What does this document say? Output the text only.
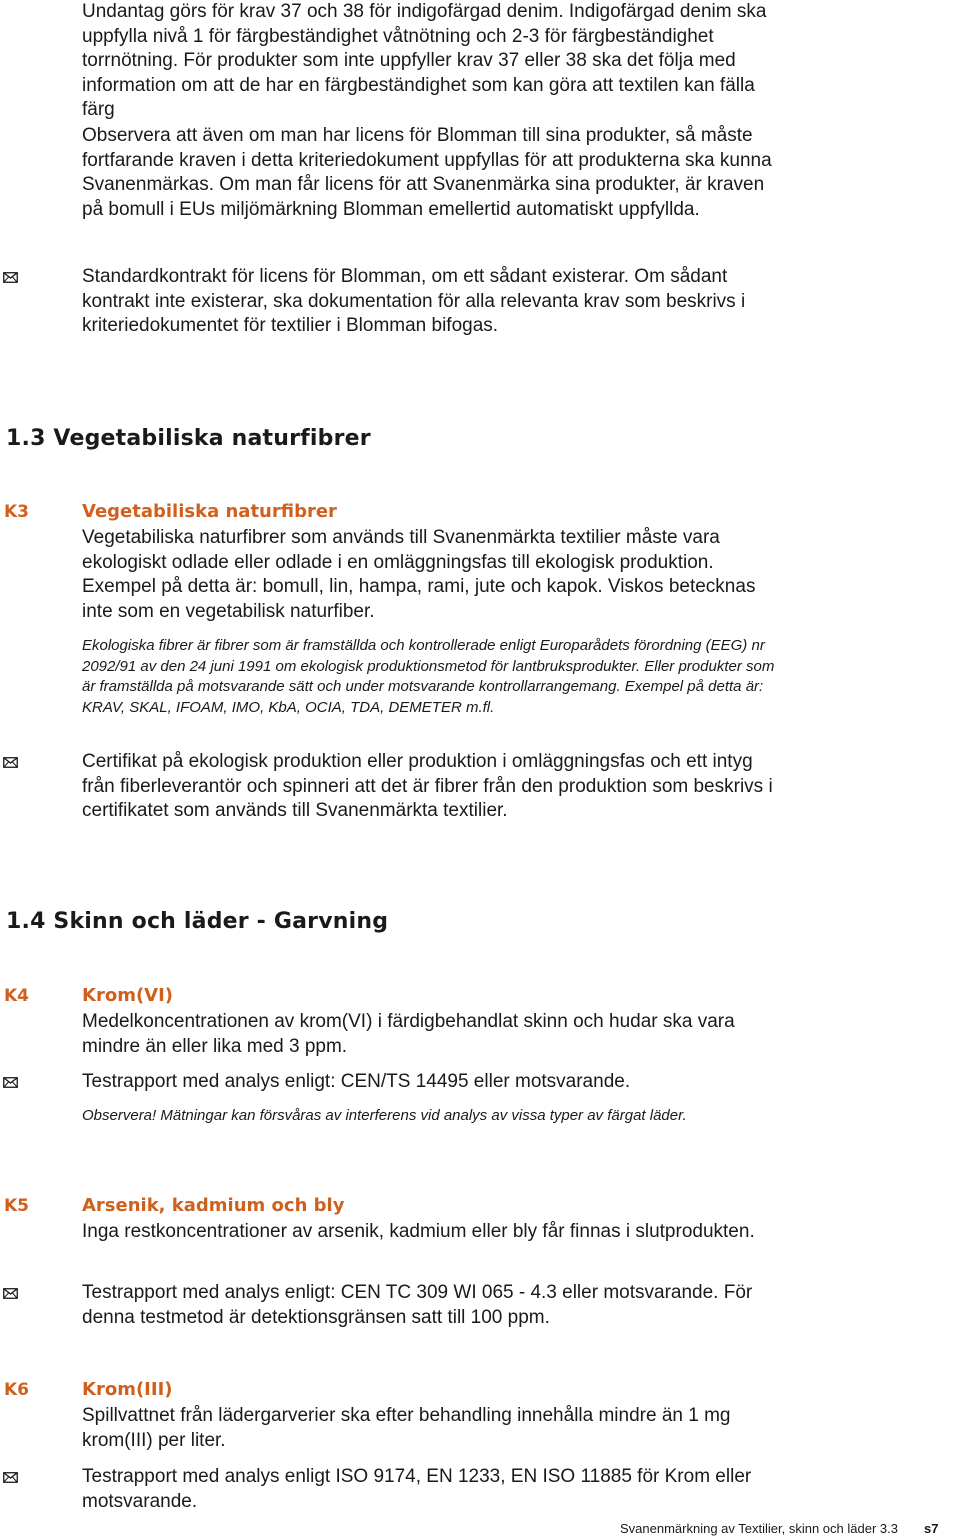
Undantag görs för krav 37 och 38 för indigofärgad denim. Indigofärgad denim ska uppfylla nivå 1 för färgbeständighet våtnötning och 2-3 för färgbeständighet torrnötning. För produkter som inte uppfyller krav 37 eller 38 ska det följa med information om att de har en färgbeständighet som kan göra att textilen kan fälla färg

Observera att även om man har licens för Blomman till sina produkter, så måste fortfarande kraven i detta kriteriedokument uppfyllas för att produkterna ska kunna Svanenmärkas. Om man får licens för att Svanenmärka sina produkter, är kraven på bomull i EUs miljömärkning Blomman emellertid automatiskt uppfyllda.

Standardkontrakt för licens för Blomman, om ett sådant existerar. Om sådant kontrakt inte existerar, ska dokumentation för alla relevanta krav som beskrivs i kriteriedokumentet för textilier i Blomman bifogas.

1.3 Vegetabiliska naturfibrer

K3	Vegetabiliska naturfibrer

Vegetabiliska naturfibrer som används till Svanenmärkta textilier måste vara ekologiskt odlade eller odlade i en omläggningsfas till ekologisk produktion. Exempel på detta är: bomull, lin, hampa, rami, jute och kapok. Viskos betecknas inte som en vegetabilisk naturfiber.

Ekologiska fibrer är fibrer som är framställda och kontrollerade enligt Europarådets förordning (EEG) nr 2092/91 av den 24 juni 1991 om ekologisk produktionsmetod för lantbruksprodukter. Eller produkter som är framställda på motsvarande sätt och under motsvarande kontrollarrangemang. Exempel på detta är: KRAV, SKAL, IFOAM, IMO, KbA, OCIA, TDA, DEMETER m.fl.

Certifikat på ekologisk produktion eller produktion i omläggningsfas och ett intyg från fiberleverantör och spinneri att det är fibrer från den produktion som beskrivs i certifikatet som används till Svanenmärkta textilier.

1.4 Skinn och läder - Garvning

K4	Krom(VI)

Medelkoncentrationen av krom(VI) i färdigbehandlat skinn och hudar ska vara mindre än eller lika med 3 ppm.

Testrapport med analys enligt: CEN/TS 14495 eller motsvarande.

Observera! Mätningar kan försvåras av interferens vid analys av vissa typer av färgat läder.

K5	Arsenik, kadmium och bly

Inga restkoncentrationer av arsenik, kadmium eller bly får finnas i slutprodukten.

Testrapport med analys enligt: CEN TC 309 WI 065 - 4.3 eller motsvarande. För denna testmetod är detektionsgränsen satt till 100 ppm.

K6	Krom(III)

Spillvattnet från lädergarverier ska efter behandling innehålla mindre än 1 mg krom(III) per liter.

Testrapport med analys enligt ISO 9174, EN 1233, EN ISO 11885 för Krom eller motsvarande.

Svanenmärkning av Textilier, skinn och läder 3.3 s7
